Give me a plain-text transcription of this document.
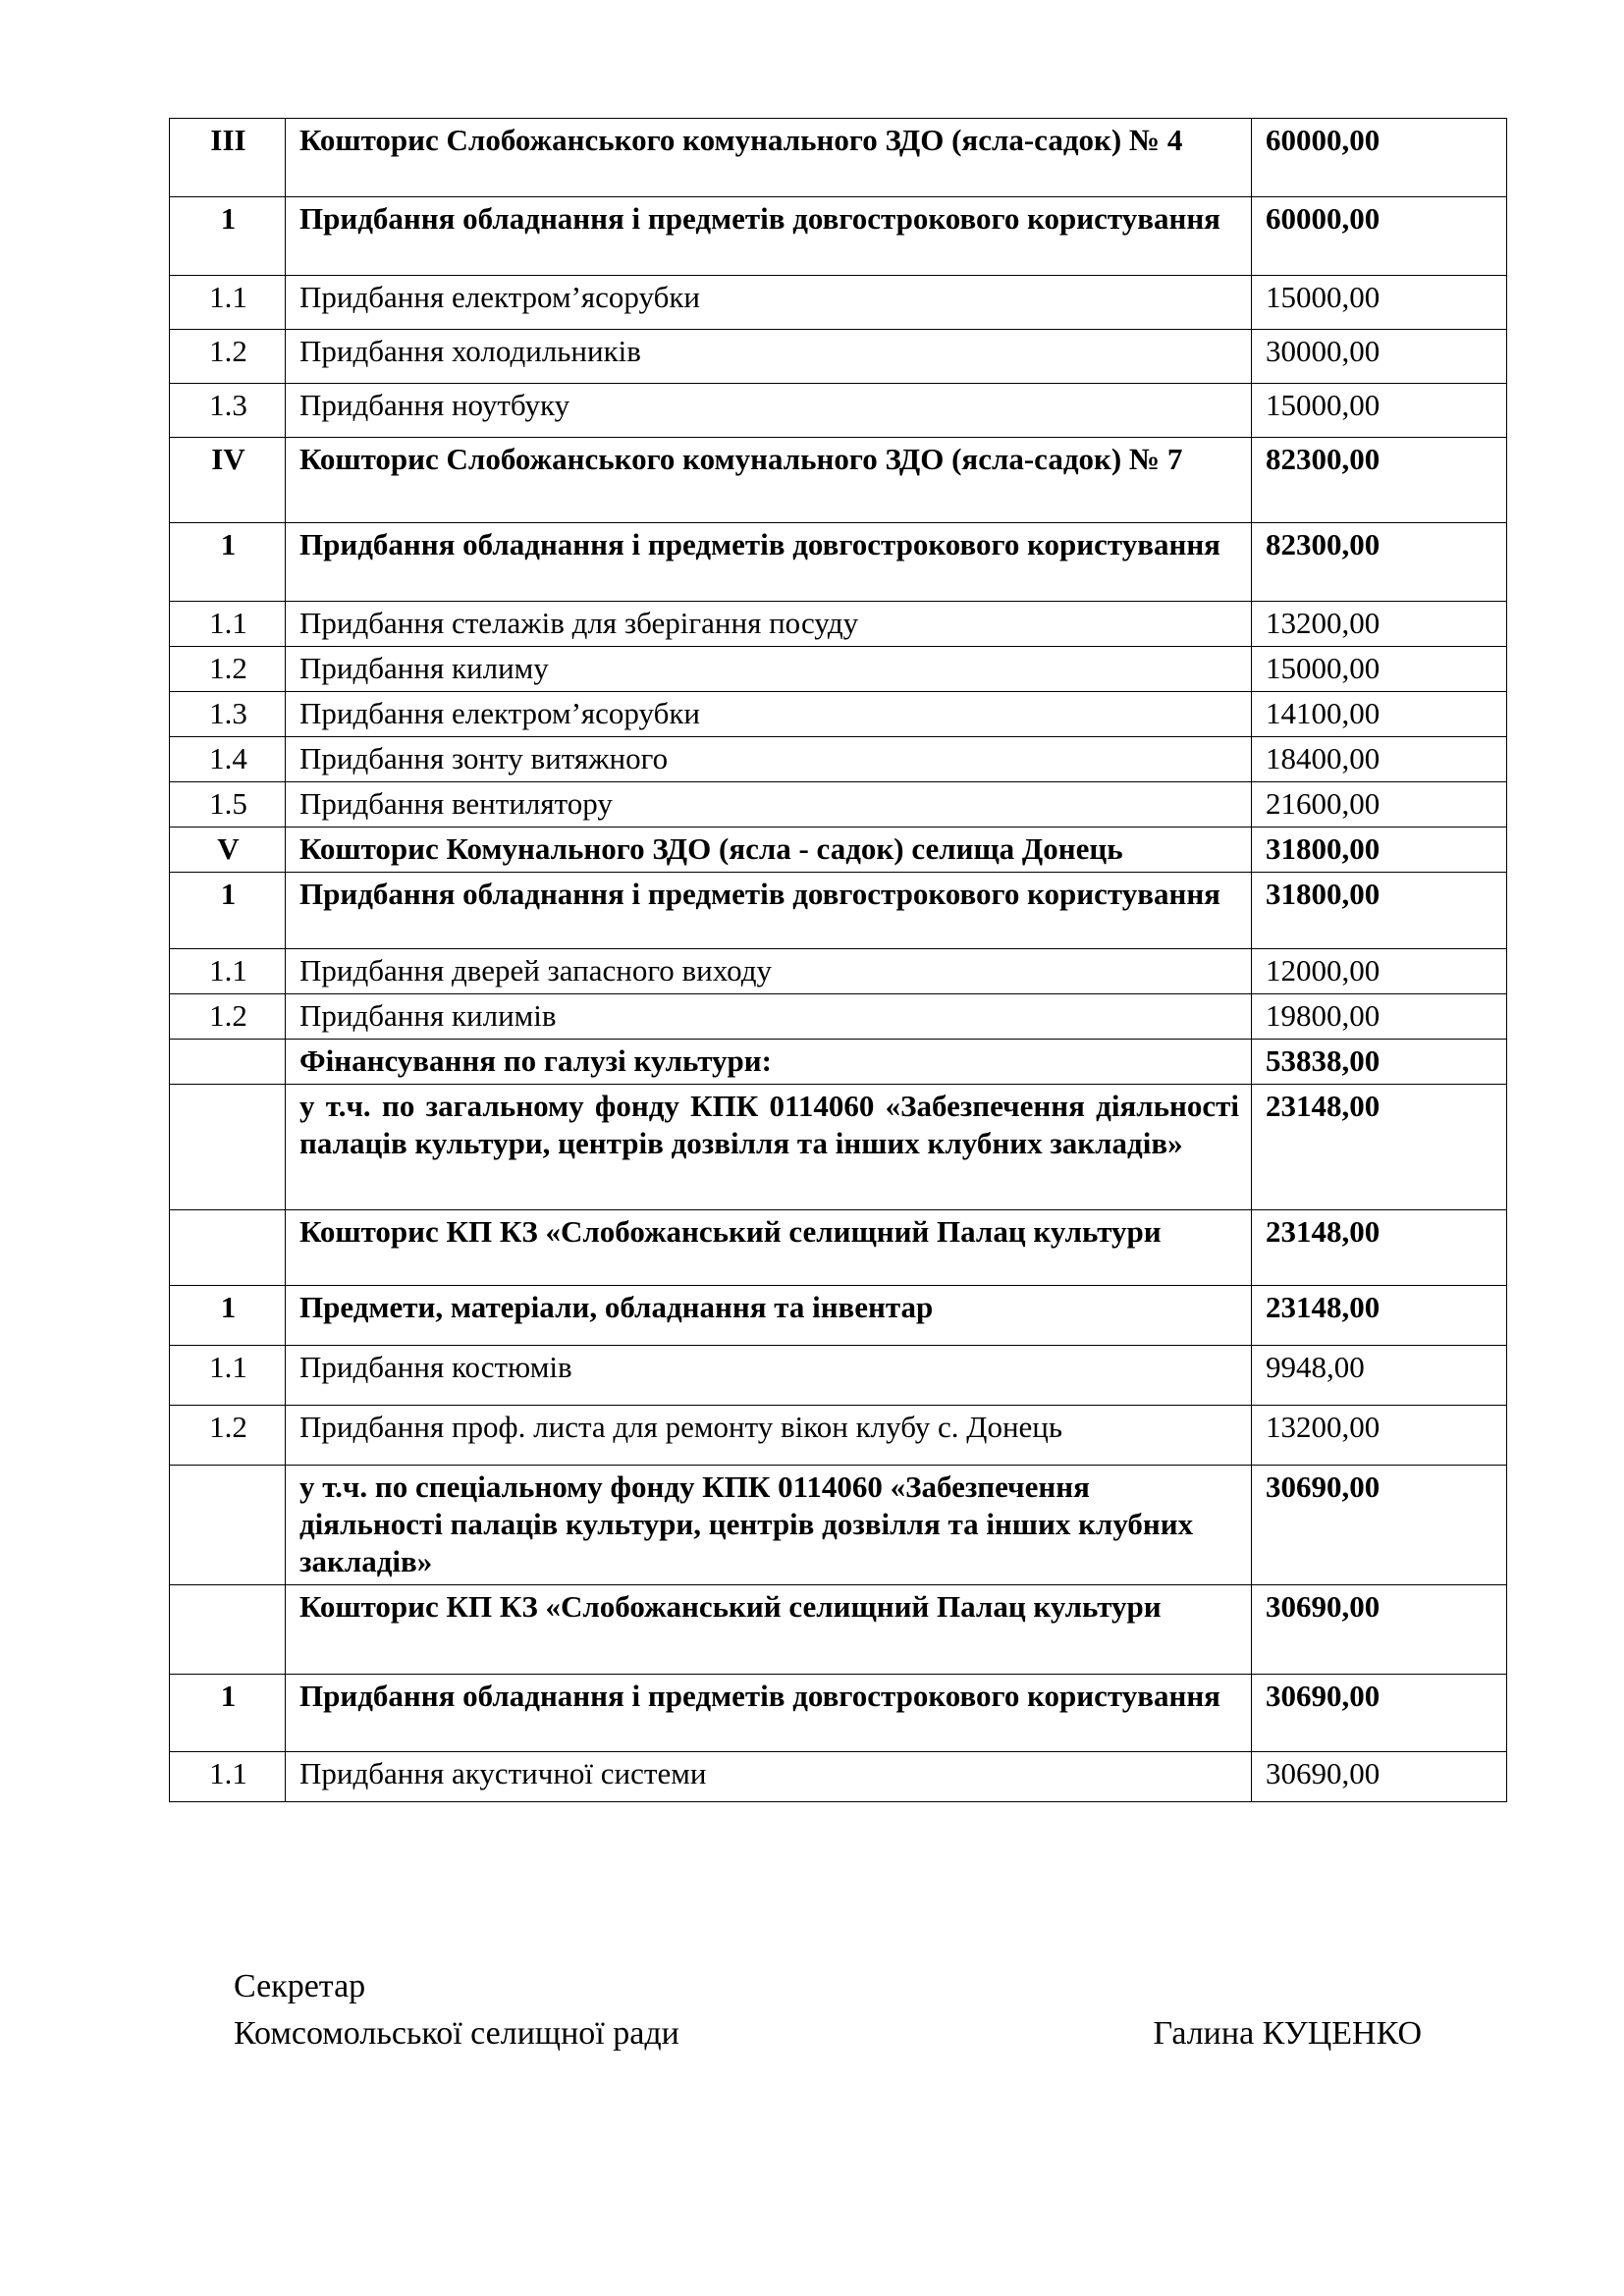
III	Кошторис Слобожанського комунального ЗДО (ясла-садок) № 4	60000,00
1	Придбання обладнання і предметів довгострокового користування	60000,00
1.1	Придбання електром’ясорубки	15000,00
1.2	Придбання холодильників	30000,00
1.3	Придбання ноутбуку	15000,00
IV	Кошторис Слобожанського комунального ЗДО (ясла-садок) № 7	82300,00
1	Придбання обладнання і предметів довгострокового користування	82300,00
1.1	Придбання стелажів для зберігання посуду	13200,00
1.2	Придбання килиму	15000,00
1.3	Придбання електром’ясорубки	14100,00
1.4	Придбання зонту витяжного	18400,00
1.5	Придбання вентилятору	21600,00
V	Кошторис Комунального ЗДО (ясла - садок) селища Донець	31800,00
1	Придбання обладнання і предметів довгострокового користування	31800,00
1.1	Придбання дверей запасного виходу	12000,00
1.2	Придбання килимів	19800,00
	Фінансування по галузі культури:	53838,00
	у т.ч. по загальному фонду КПК 0114060 «Забезпечення діяльності палаців культури, центрів дозвілля та інших клубних закладів»	23148,00
	Кошторис КП КЗ «Слобожанський селищний Палац культури	23148,00
1	Предмети, матеріали, обладнання та інвентар	23148,00
1.1	Придбання костюмів	9948,00
1.2	Придбання проф. листа для ремонту вікон клубу с. Донець	13200,00
	у т.ч. по спеціальному фонду КПК 0114060 «Забезпечення діяльності палаців культури, центрів дозвілля та інших клубних закладів»	30690,00
	Кошторис КП КЗ «Слобожанський селищний Палац культури	30690,00
1	Придбання обладнання і предметів довгострокового користування	30690,00
1.1	Придбання акустичної системи	30690,00
Секретар
Комсомольської селищної ради	Галина КУЦЕНКО
